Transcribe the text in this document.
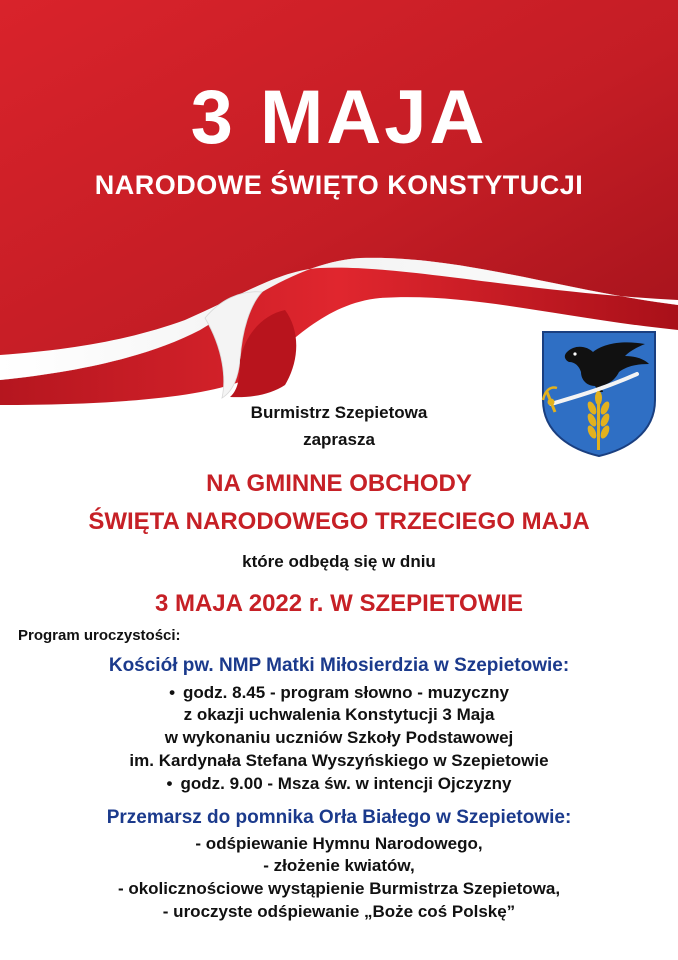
3 MAJA
NARODOWE ŚWIĘTO KONSTYTUCJI
Burmistrz Szepietowa
zaprasza
NA GMINNE OBCHODY
ŚWIĘTA NARODOWEGO TRZECIEGO MAJA
które odbędą się w dniu
3 MAJA 2022 r. W SZEPIETOWIE
Program uroczystości:
Kościół pw. NMP Matki Miłosierdzia w Szepietowie:
• godz. 8.45 - program słowno - muzyczny
z okazji uchwalenia Konstytucji 3 Maja
w wykonaniu uczniów Szkoły Podstawowej
im. Kardynała Stefana Wyszyńskiego w Szepietowie
• godz. 9.00 - Msza św. w intencji Ojczyzny
Przemarsz do pomnika Orła Białego w Szepietowie:
- odśpiewanie Hymnu Narodowego,
- złożenie kwiatów,
- okolicznościowe wystąpienie Burmistrza Szepietowa,
- uroczyste odśpiewanie „Boże coś Polskę”
